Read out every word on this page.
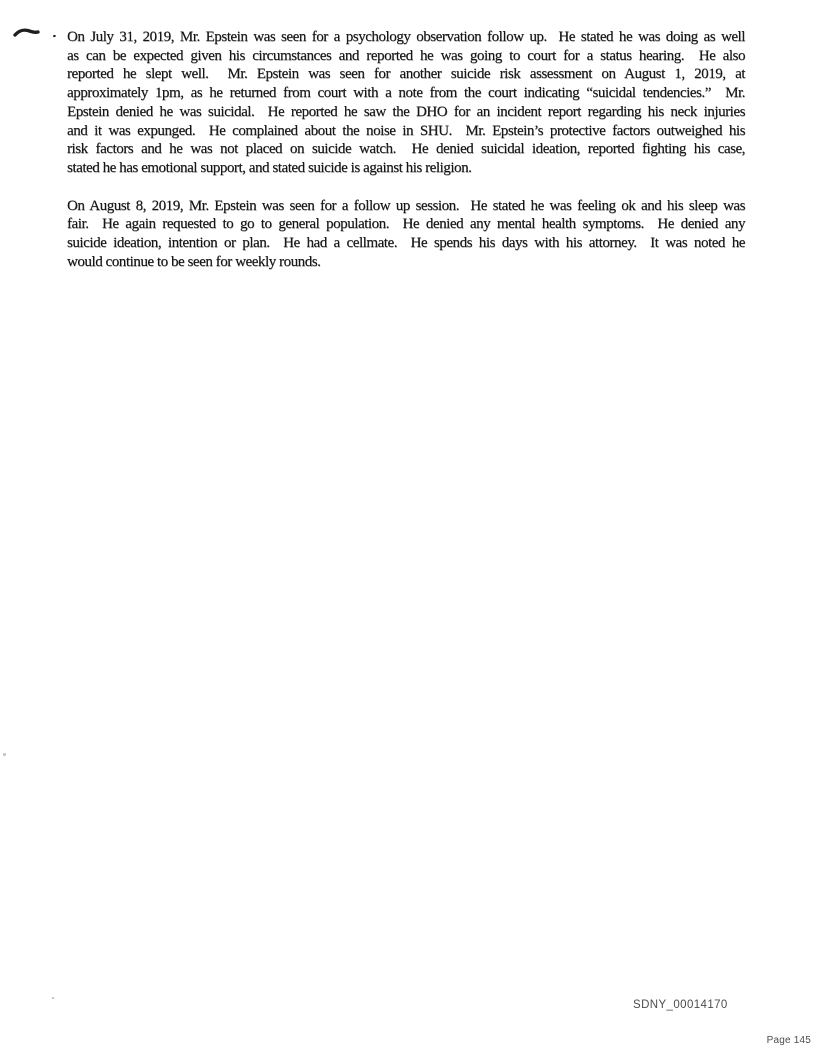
• On July 31, 2019, Mr. Epstein was seen for a psychology observation follow up.  He stated he was doing as well
as can be expected given his circumstances and reported he was going to court for a status hearing.  He also
reported he slept well.  Mr. Epstein was seen for another suicide risk assessment on August 1, 2019, at
approximately 1pm, as he returned from court with a note from the court indicating “suicidal tendencies.”  Mr.
Epstein denied he was suicidal.  He reported he saw the DHO for an incident report regarding his neck injuries
and it was expunged.  He complained about the noise in SHU.  Mr. Epstein’s protective factors outweighed his
risk factors and he was not placed on suicide watch.  He denied suicidal ideation, reported fighting his case,
stated he has emotional support, and stated suicide is against his religion.
On August 8, 2019, Mr. Epstein was seen for a follow up session.  He stated he was feeling ok and his sleep was
fair.  He again requested to go to general population.  He denied any mental health symptoms.  He denied any
suicide ideation, intention or plan.  He had a cellmate.  He spends his days with his attorney.  It was noted he
would continue to be seen for weekly rounds.
SDNY_00014170
Page 145
